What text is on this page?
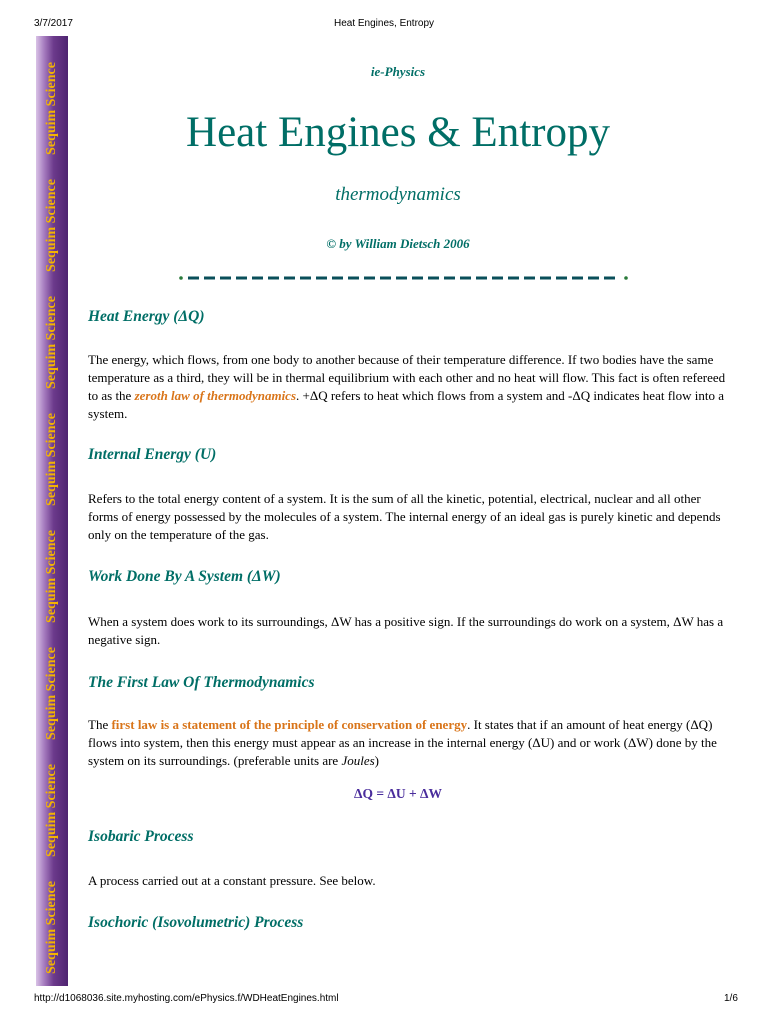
3/7/2017	Heat Engines, Entropy
Sequim Science
Sequim Science
Sequim Science
Sequim Science
Sequim Science
Sequim Science
Sequim Science
Sequim Science	ie-Physics
Heat Engines & Entropy
thermodynamics
© by William Dietsch 2006
Heat Energy (ΔQ)

The energy, which flows, from one body to another because of their temperature difference. If two bodies have the same temperature as a third, they will be in thermal equilibrium with each other and no heat will flow. This fact is often refereed to as the zeroth law of thermodynamics. +ΔQ refers to heat which flows from a system and -ΔQ indicates heat flow into a system.

Internal Energy (U)

Refers to the total energy content of a system. It is the sum of all the kinetic, potential, electrical, nuclear and all other forms of energy possessed by the molecules of a system. The internal energy of an ideal gas is purely kinetic and depends only on the temperature of the gas.

Work Done By A System (ΔW)

When a system does work to its surroundings, ΔW has a positive sign. If the surroundings do work on a system, ΔW has a negative sign.

The First Law Of Thermodynamics

The first law is a statement of the principle of conservation of energy. It states that if an amount of heat energy (ΔQ) flows into system, then this energy must appear as an increase in the internal energy (ΔU) and or work (ΔW) done by the system on its surroundings. (preferable units are Joules)

ΔQ = ΔU + ΔW
Isobaric Process

A process carried out at a constant pressure. See below.

Isochoric (Isovolumetric) Process
http://d1068036.site.myhosting.com/ePhysics.f/WDHeatEngines.html	1/6
